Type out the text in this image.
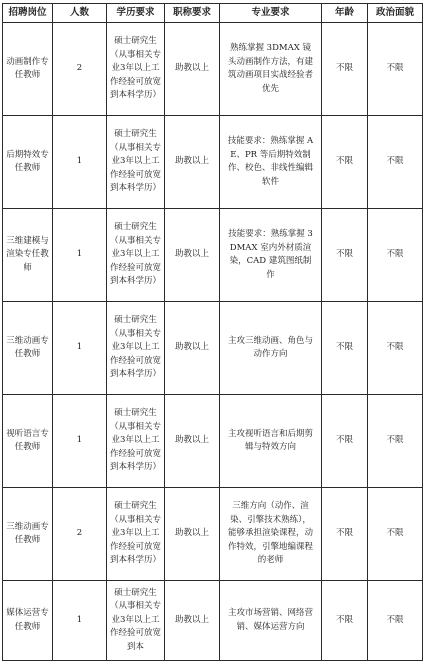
招聘岗位	人数	学历要求	职称要求	专业要求	年龄	政治面貌
动画制作专任教师	2	硕士研究生（从事相关专业3年以上工作经验可放宽到本科学历）	助教以上	熟练掌握 3DMAX 镜头动画制作方法，有建筑动画项目实战经验者优先	不限	不限
后期特效专任教师	1	硕士研究生（从事相关专业3年以上工作经验可放宽到本科学历）	助教以上	技能要求：熟练掌握 AE、PR 等后期特效制作、校色、非线性编辑软件	不限	不限
三维建模与渲染专任教师	1	硕士研究生（从事相关专业3年以上工作经验可放宽到本科学历）	助教以上	技能要求：熟练掌握 3DMAX 室内外材质渲染，CAD 建筑图纸制作	不限	不限
三维动画专任教师	1	硕士研究生（从事相关专业3年以上工作经验可放宽到本科学历）	助教以上	主攻三维动画、角色与动作方向	不限	不限
视听语言专任教师	1	硕士研究生（从事相关专业3年以上工作经验可放宽到本科学历）	助教以上	主攻视听语言和后期剪辑与特效方向	不限	不限
三维动画专任教师	2	硕士研究生（从事相关专业3年以上工作经验可放宽到本科学历）	助教以上	三维方向（动作、渲染、引擎技术熟练），能够承担渲染课程，动作特效，引擎地编课程的老师	不限	不限
媒体运营专任教师	1	硕士研究生（从事相关专业3年以上工作经验可放宽到本	助教以上	主攻市场营销、网络营销、媒体运营方向	不限	不限
